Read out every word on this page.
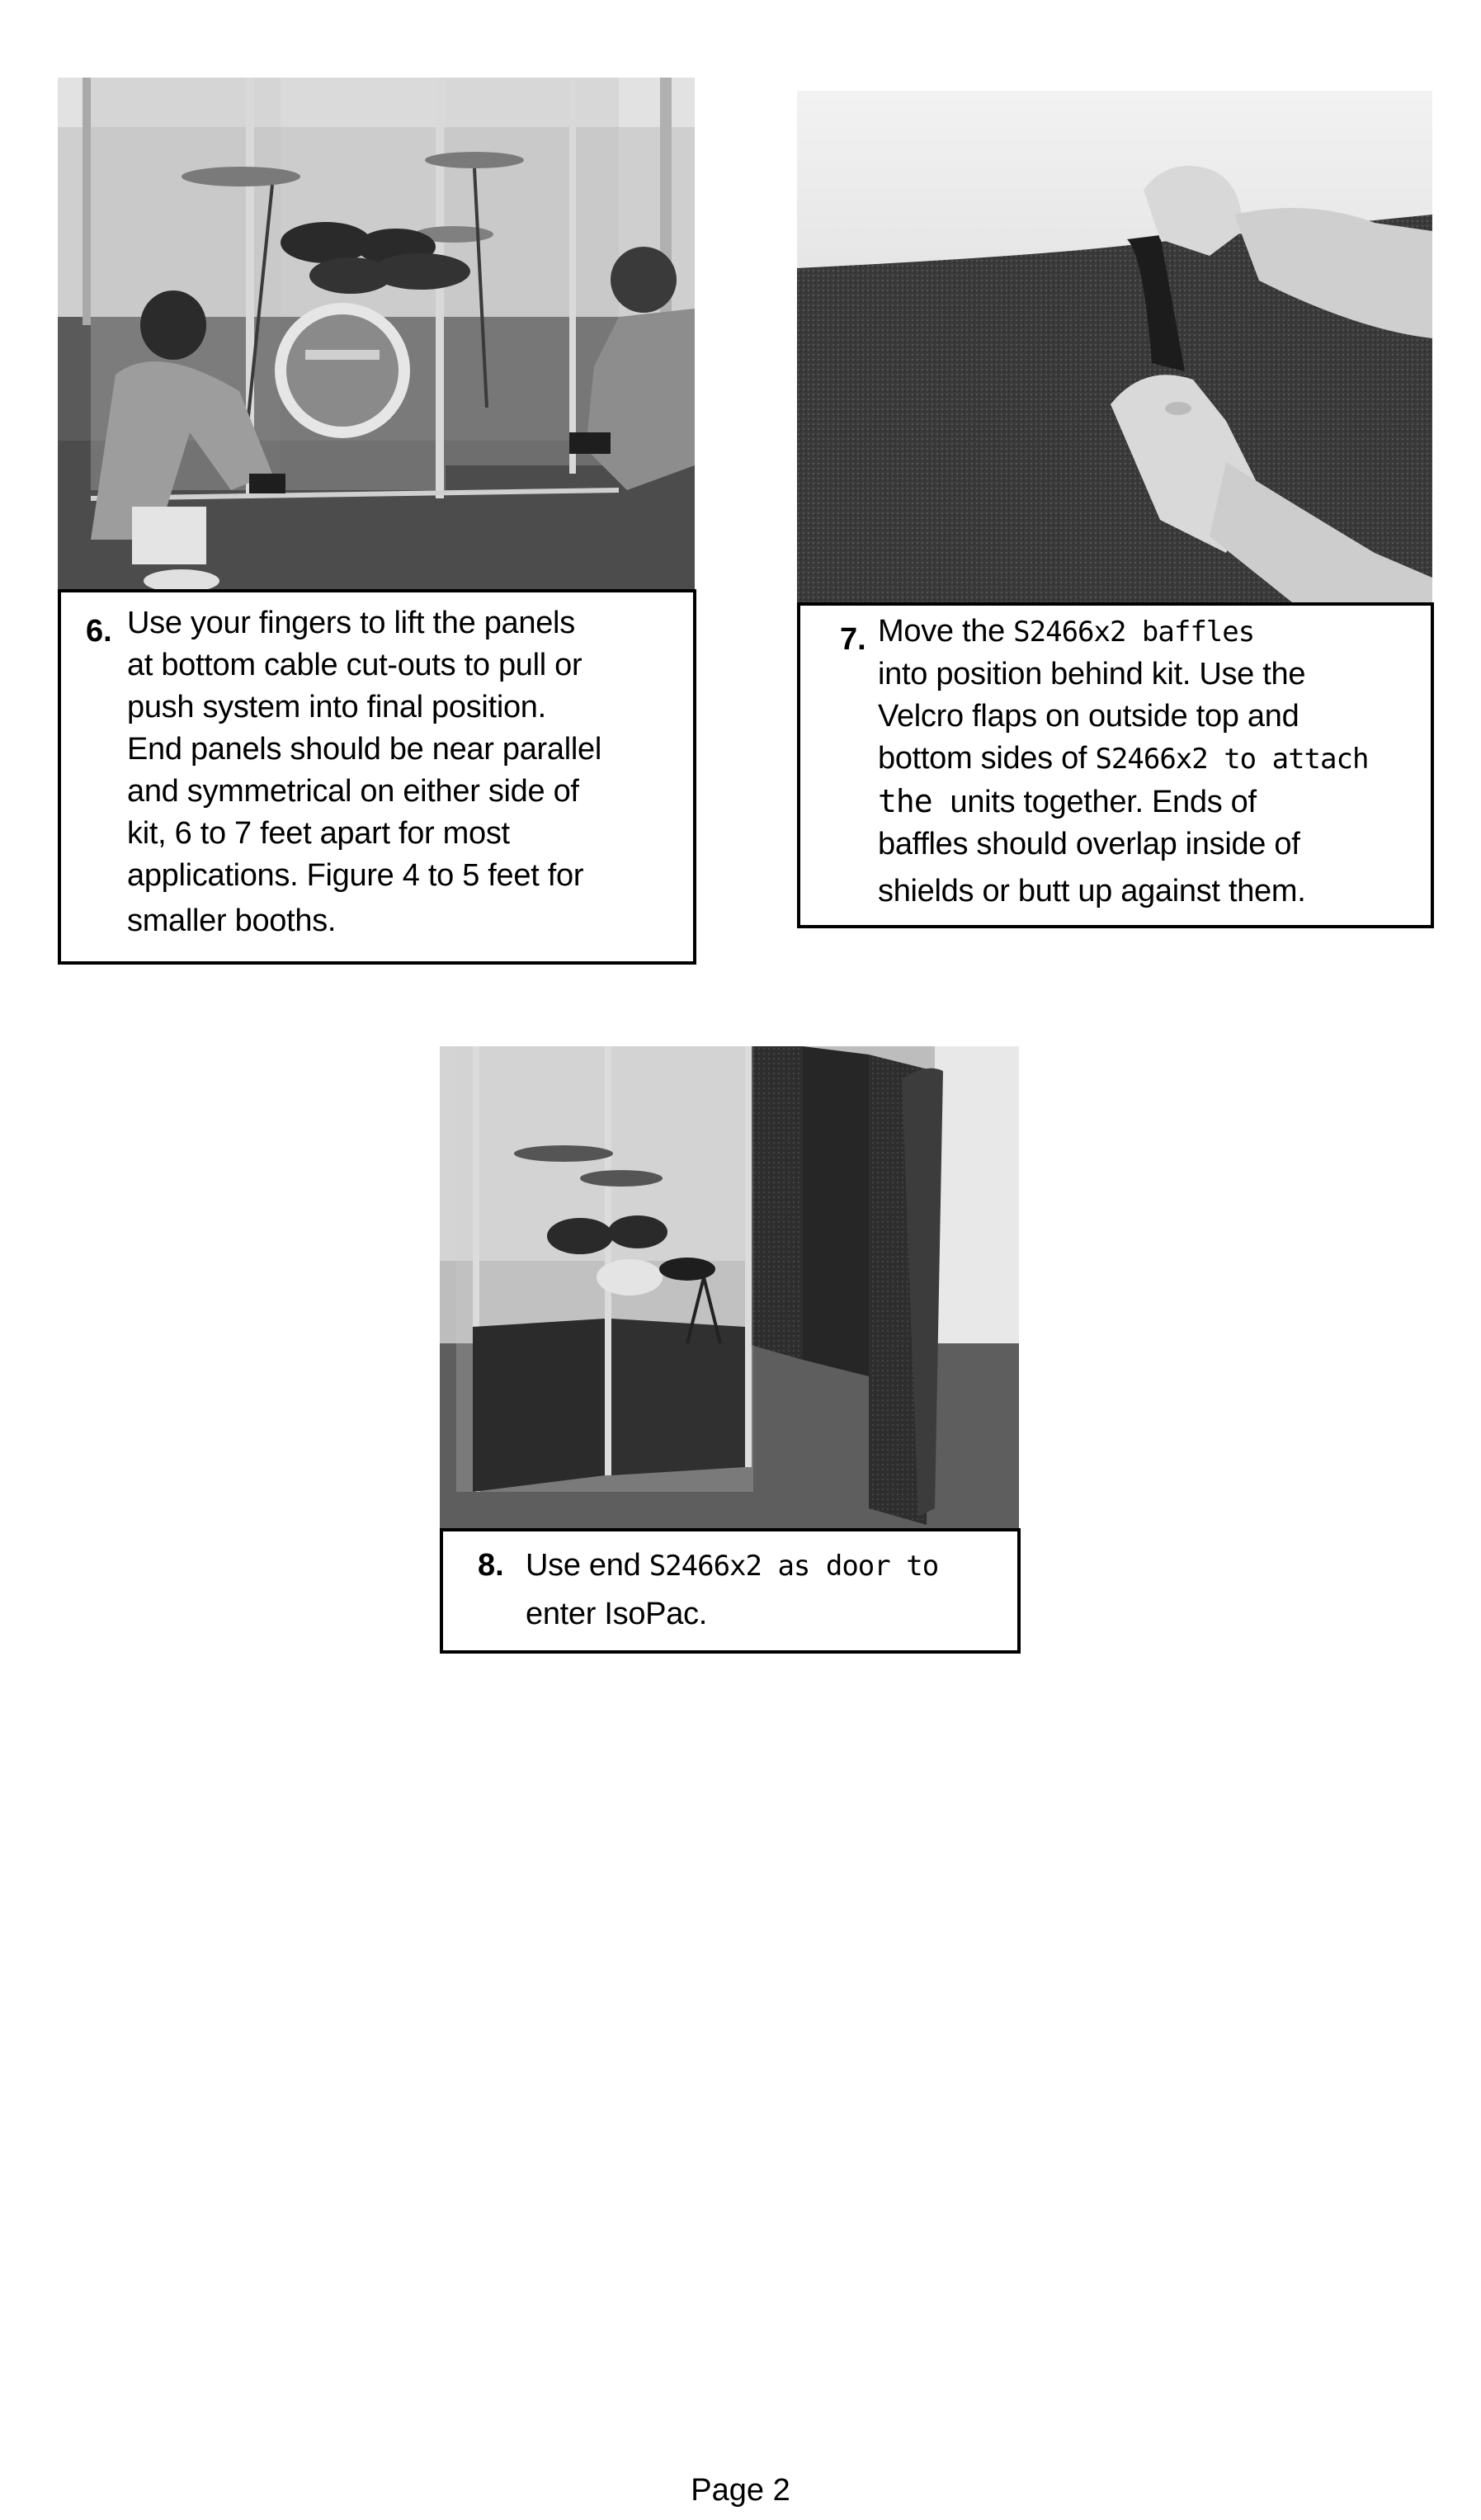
6. Use your fingers to lift the panels
at bottom cable cut-outs to pull or
push system into final position.
End panels should be near parallel
and symmetrical on either side of
kit, 6 to 7 feet apart for most
applications. Figure 4 to 5 feet for
smaller booths.
7. Move the S2466x2 baffles
into position behind kit. Use the
Velcro flaps on outside top and
bottom sides of S2466x2 to attach
the units together. Ends of
baffles should overlap inside of
shields or butt up against them.
8. Use end S2466x2 as door to
enter IsoPac.
Page 2
